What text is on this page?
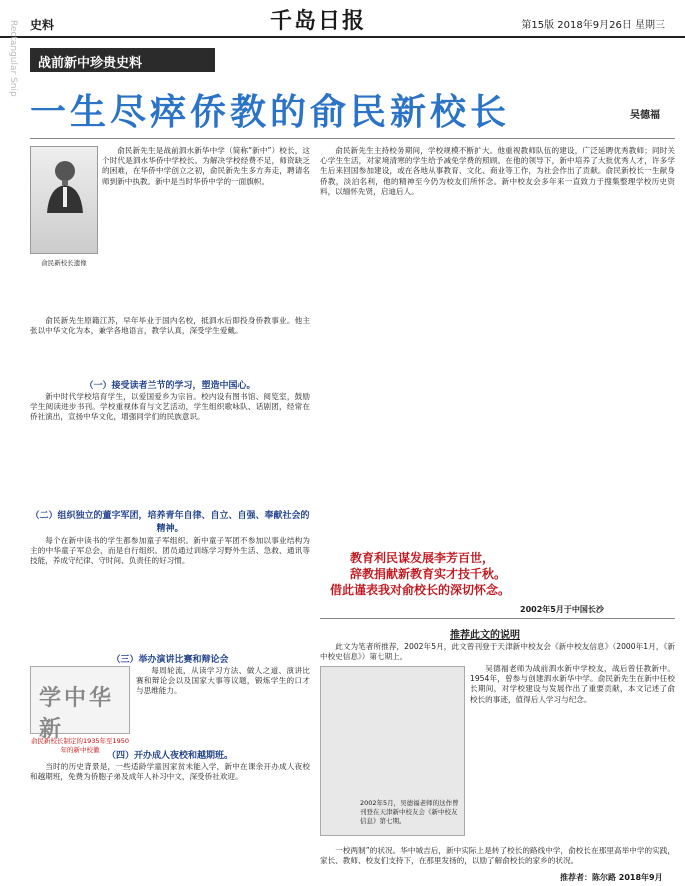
史料	千岛日报	第15版 2018年9月26日 星期三
Rectangular Snip	战前新中珍贵史料
一生尽瘁侨教的俞民新校长	吴德福
俞民新校长遗像

俞民新先生是战前泗水新华中学（简称“新中”）校长，这个时代是泗水华侨中学校长。为解决学校经费不足，师资缺乏的困难，在华侨中学创立之初，俞民新先生多方奔走，聘请名师到新中执教。新中是当时华侨中学的一面旗帜。

俞民新先生原籍江苏，早年毕业于国内名校，抵泗水后即投身侨教事业。他主张以中华文化为本，兼学各地语言，教学认真，深受学生爱戴。

（一）接受读者兰节的学习，塑造中国心。

新中时代学校培育学生，以爱国爱乡为宗旨。校内设有图书馆、阅览室，鼓励学生阅读进步书刊。学校重视体育与文艺活动，学生组织歌咏队、话剧团，经常在侨社演出，宣扬中华文化，增强同学们的民族意识。

（二）组织独立的董字军团，培养青年自律、自立、自强、奉献社会的精神。

每个在新中读书的学生都参加童子军组织。新中童子军团不参加以事业结构为主的中华童子军总会，而是自行组织。团员通过训练学习野外生活、急救、通讯等技能，养成守纪律、守时间、负责任的好习惯。

（三）举办演讲比赛和辩论会
学中华新
俞民新校长制定的1935年至1950年的新中校徽

每周轮流，从读学习方法、做人之道、演讲比赛和辩论会以及国家大事等议题，锻炼学生的口才与思维能力。

（四）开办成人夜校和越期班。

当时的历史背景是，一些适龄学童因家贫未能入学，新中在课余开办成人夜校和越期班，免费为侨胞子弟及成年人补习中文，深受侨社欢迎。

俞民新先生主持校务期间，学校规模不断扩大。他重视教师队伍的建设，广泛延聘优秀教师；同时关心学生生活，对家境清寒的学生给予减免学费的照顾。在他的领导下，新中培养了大批优秀人才，许多学生后来回国参加建设，或在各地从事教育、文化、商业等工作，为社会作出了贡献。俞民新校长一生献身侨教，淡泊名利，他的精神至今仍为校友们所怀念。新中校友会多年来一直致力于搜集整理学校历史资料，以缅怀先贤，启迪后人。

教育利民谋发展李芳百世，
辞教捐献新教育实才技千秋。
借此谨表我对俞校长的深切怀念。
2002年5月于中国长沙
推荐此文的说明

此文为笔者所推荐，2002年5月，此文曾刊登于天津新中校友会《新中校友信息》（2000年1月，《新中校史信息》）第七期上。

2002年5月，吴德福老师的这作曾刊登在天津新中校友会《新中校友信息》第七期。

吴德福老师为战前泗水新中学校友，战后曾任教新中。1954年，曾参与创建泗水新华中学。俞民新先生在新中任校长期间，对学校建设与发展作出了重要贡献，本文记述了俞校长的事迹，值得后人学习与纪念。

一校两制”的状况。华中城吉后，新中实际上是转了校长的路线中学，俞校长在那里高举中学的实践，家长、教师、校友们支持下，在那里发扬的，以励了解俞校长的家乡的状况。

推荐者：陈尔路 2018年9月
